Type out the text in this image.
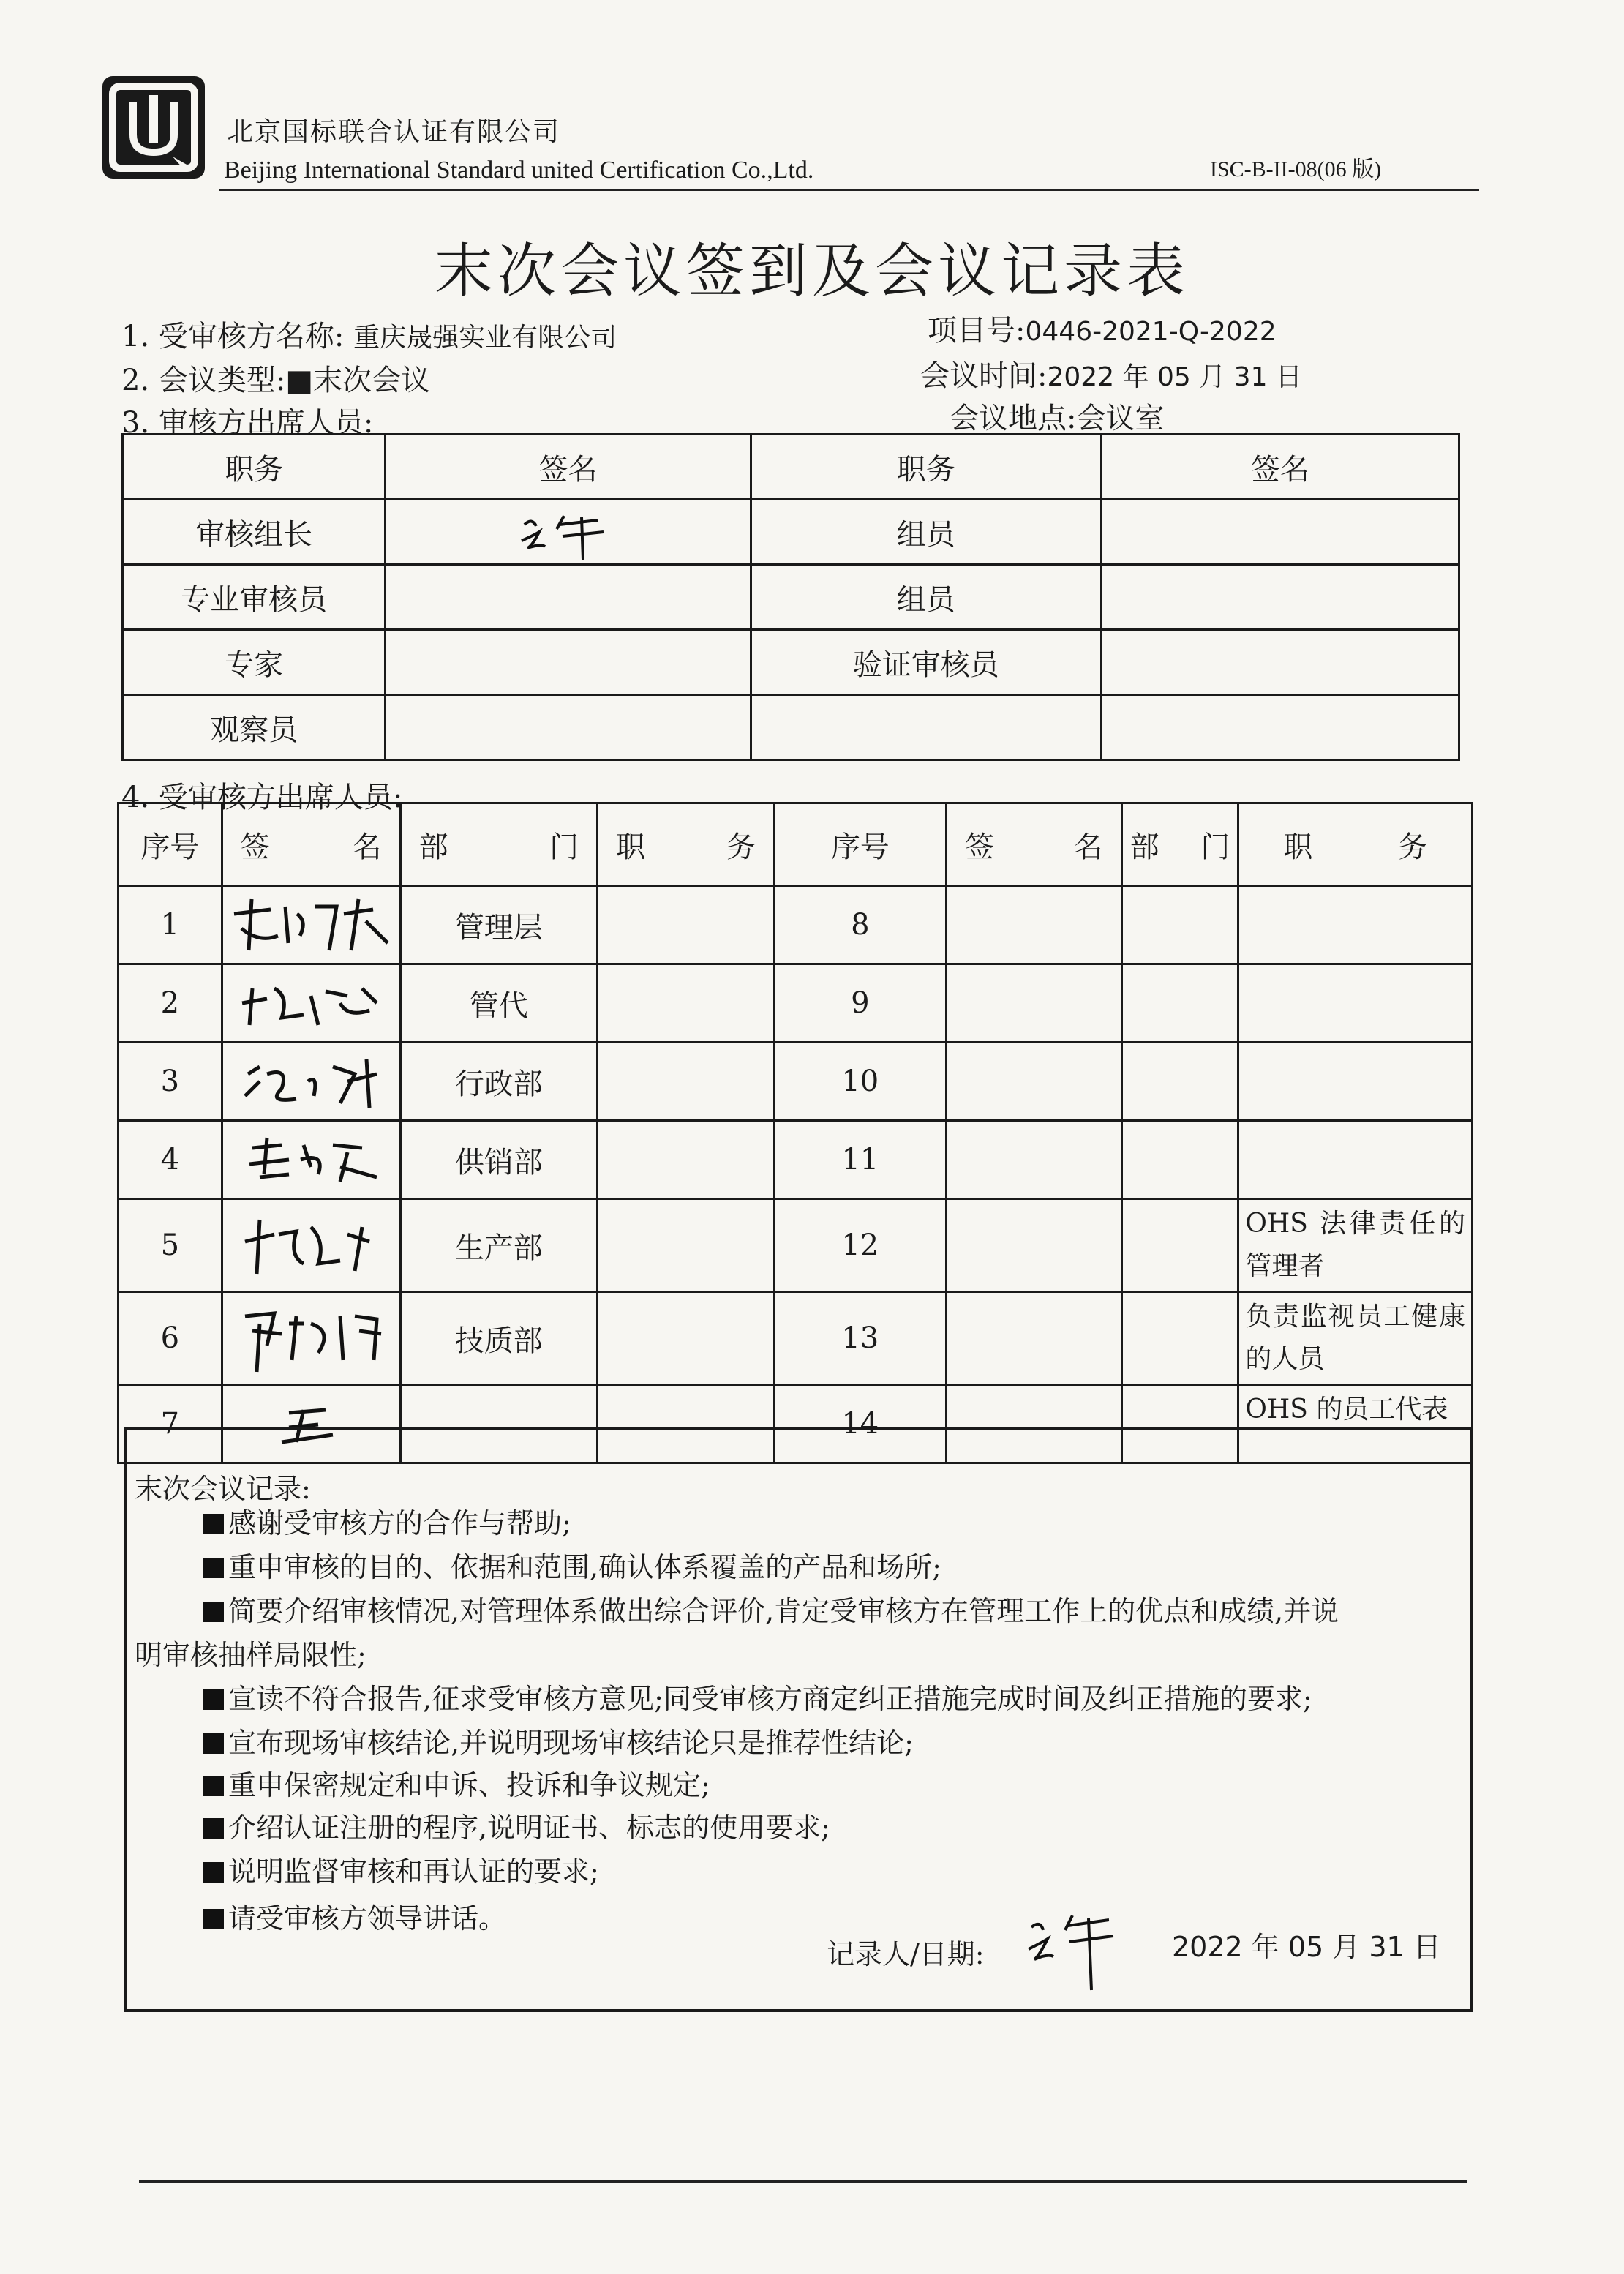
北京国标联合认证有限公司
Beijing International Standard united Certification Co.,Ltd.	ISC-B-II-08(06 版)
末次会议签到及会议记录表
1. 受审核方名称: 重庆晟强实业有限公司	项目号:0446-2021-Q-2022
2. 会议类型:■末次会议	会议时间:2022 年 05 月 31 日
3. 审核方出席人员:	会议地点:会议室
职务	签名	职务	签名
审核组长		组员	
专业审核员		组员	
专家		验证审核员	
观察员			
4. 受审核方出席人员:
序号	签 名	部 门	职 务	序号	签 名	部 门	职 务

1		管理层		8			
2		管代		9			
3		行政部		10			
4		供销部		11			
5		生产部		12			OHS 法律责任的管理者
6		技质部		13			负责监视员工健康的人员
7				14			OHS 的员工代表
末次会议记录:
感谢受审核方的合作与帮助;
重申审核的目的、依据和范围,确认体系覆盖的产品和场所;
简要介绍审核情况,对管理体系做出综合评价,肯定受审核方在管理工作上的优点和成绩,并说
明审核抽样局限性;
宣读不符合报告,征求受审核方意见;同受审核方商定纠正措施完成时间及纠正措施的要求;
宣布现场审核结论,并说明现场审核结论只是推荐性结论;
重申保密规定和申诉、投诉和争议规定;
介绍认证注册的程序,说明证书、标志的使用要求;
说明监督审核和再认证的要求;
请受审核方领导讲话。
记录人/日期:	2022 年 05 月 31 日
